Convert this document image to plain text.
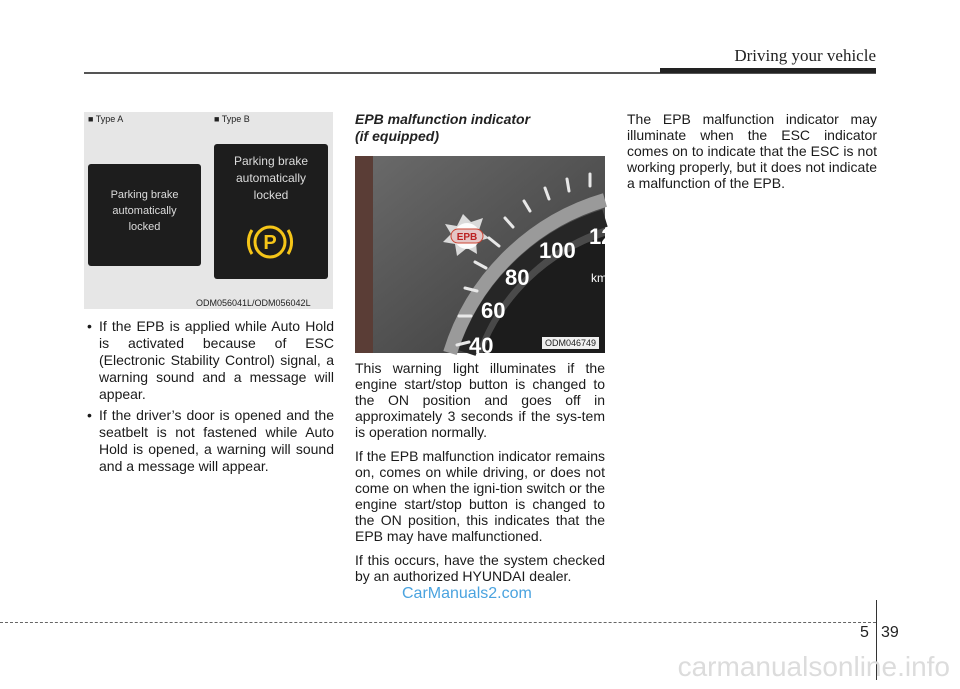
Driving your vehicle
■ Type A	■ Type B
Parking brake
automatically
locked
Parking brake
automatically
locked
P
ODM056041L/ODM056042L
• If the EPB is applied while Auto Hold is activated because of ESC (Electronic Stability Control) signal, a warning sound and a message will appear.
• If the driver’s door is opened and the seatbelt is not fastened while Auto Hold is opened, a warning will sound and a message will appear.
EPB malfunction indicator
(if equipped)
EPB
40
60
80
100
12
km
ODM046749

This warning light illuminates if the engine start/stop button is changed to the ON position and goes off in approximately 3 seconds if the sys-tem is operation normally.

If the EPB malfunction indicator remains on, comes on while driving, or does not come on when the igni-tion switch or the engine start/stop button is changed to the ON position, this indicates that the EPB may have malfunctioned.

If this occurs, have the system checked by an authorized HYUNDAI dealer.

The EPB malfunction indicator may illuminate when the ESC indicator comes on to indicate that the ESC is not working properly, but it does not indicate a malfunction of the EPB.

CarManuals2.com
5 39
carmanualsonline.info
